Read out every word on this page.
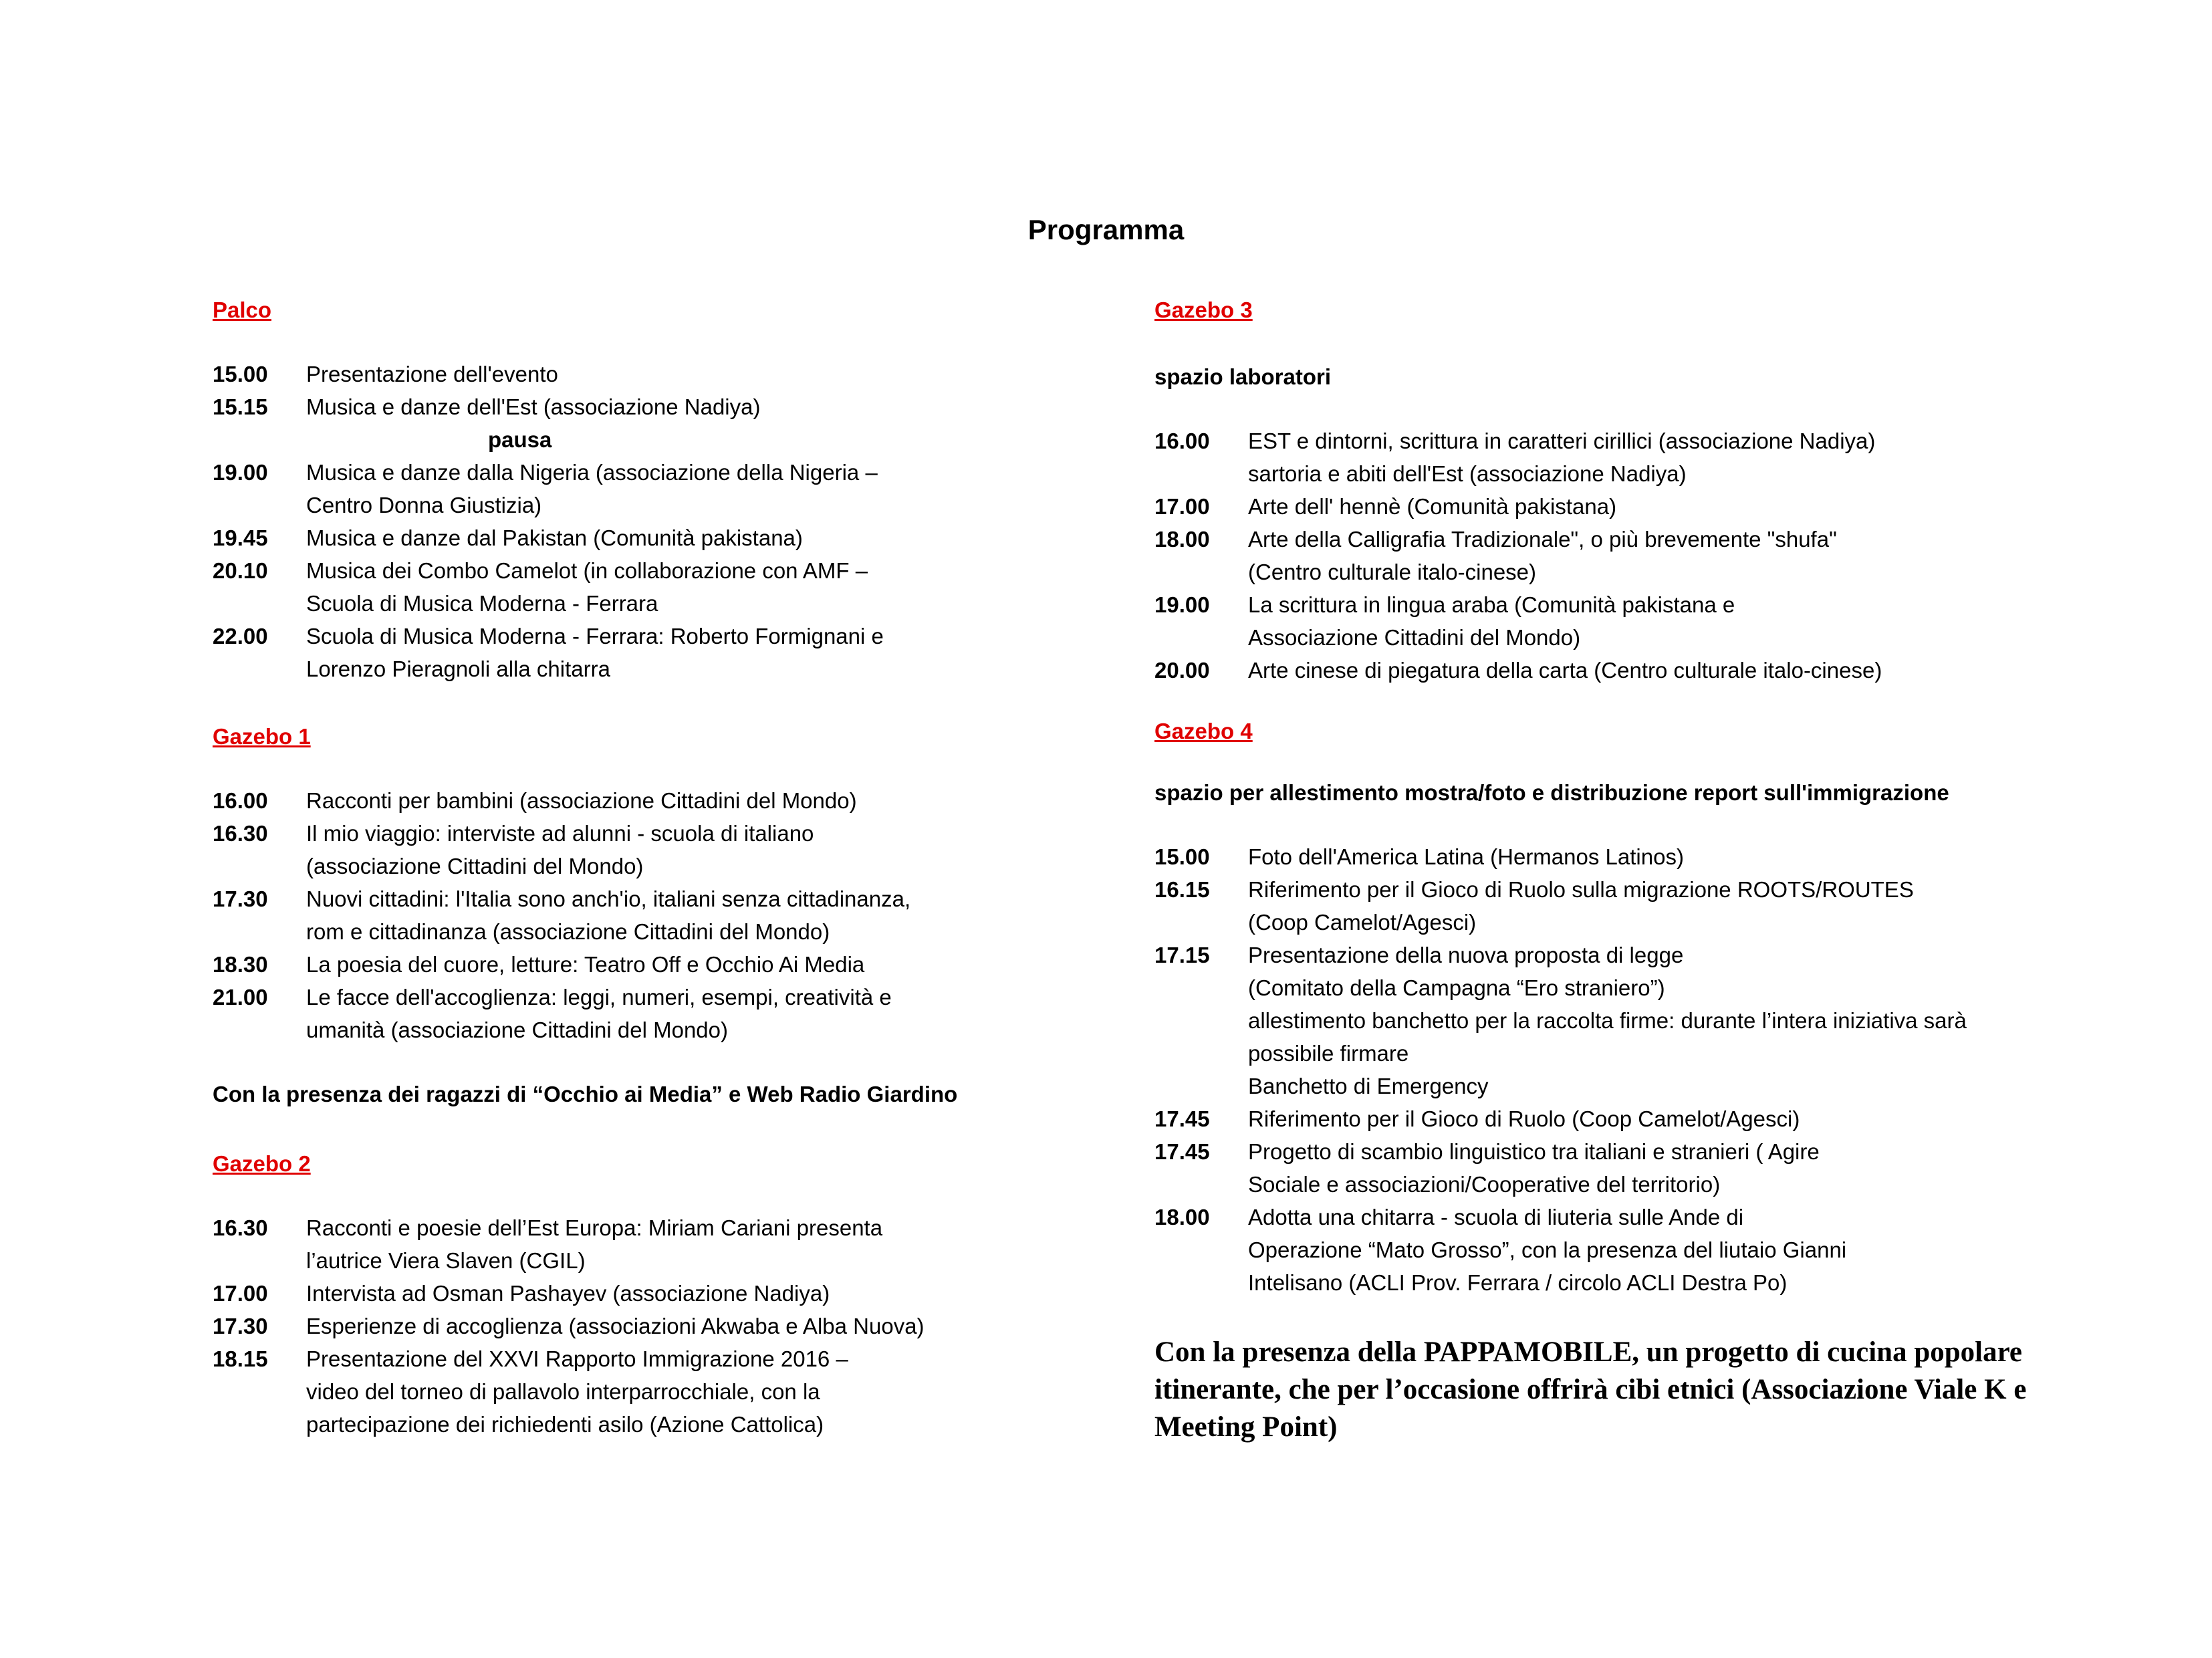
Programma
Palco
15.00	Presentazione dell'evento
15.15	Musica e danze dell'Est (associazione Nadiya)
pausa
19.00	Musica e danze dalla Nigeria (associazione della Nigeria –
Centro Donna Giustizia)
19.45	Musica e danze dal Pakistan (Comunità pakistana)
20.10	Musica dei Combo Camelot (in collaborazione con AMF –
Scuola di Musica Moderna - Ferrara
22.00	Scuola di Musica Moderna - Ferrara: Roberto Formignani e
Lorenzo Pieragnoli alla chitarra
Gazebo 1
16.00	Racconti per bambini (associazione Cittadini del Mondo)
16.30	Il mio viaggio: interviste ad alunni - scuola di italiano
(associazione Cittadini del Mondo)
17.30	Nuovi cittadini: l'Italia sono anch'io, italiani senza cittadinanza,
rom e cittadinanza (associazione Cittadini del Mondo)
18.30	La poesia del cuore, letture: Teatro Off e Occhio Ai Media
21.00	Le facce dell'accoglienza: leggi, numeri, esempi, creatività e
umanità (associazione Cittadini del Mondo)
Con la presenza dei ragazzi di “Occhio ai Media” e Web Radio Giardino
Gazebo 2
16.30	Racconti e poesie dell’Est Europa: Miriam Cariani presenta
l’autrice Viera Slaven (CGIL)
17.00	Intervista ad Osman Pashayev (associazione Nadiya)
17.30	Esperienze di accoglienza (associazioni Akwaba e Alba Nuova)
18.15	Presentazione del XXVI Rapporto Immigrazione 2016 –
video del torneo di pallavolo interparrocchiale, con la
partecipazione dei richiedenti asilo (Azione Cattolica)
Gazebo 3
spazio laboratori
16.00	EST e dintorni, scrittura in caratteri cirillici (associazione Nadiya)
sartoria e abiti dell'Est (associazione Nadiya)
17.00	Arte dell' hennè (Comunità pakistana)
18.00	Arte della Calligrafia Tradizionale", o più brevemente "shufa"
(Centro culturale italo-cinese)
19.00	La scrittura in lingua araba (Comunità pakistana e
Associazione Cittadini del Mondo)
20.00	Arte cinese di piegatura della carta (Centro culturale italo-cinese)
Gazebo 4
spazio per allestimento mostra/foto e distribuzione report sull'immigrazione
15.00	Foto dell'America Latina (Hermanos Latinos)
16.15	Riferimento per il Gioco di Ruolo sulla migrazione ROOTS/ROUTES
(Coop Camelot/Agesci)
17.15	Presentazione della nuova proposta di legge
(Comitato della Campagna “Ero straniero”)
allestimento banchetto per la raccolta firme: durante l’intera iniziativa sarà
possibile firmare
Banchetto di Emergency
17.45	Riferimento per il Gioco di Ruolo (Coop Camelot/Agesci)
17.45	Progetto di scambio linguistico tra italiani e stranieri ( Agire
Sociale e associazioni/Cooperative del territorio)
18.00	Adotta una chitarra - scuola di liuteria sulle Ande di
Operazione “Mato Grosso”, con la presenza del liutaio Gianni
Intelisano (ACLI Prov. Ferrara / circolo ACLI Destra Po)
Con la presenza della PAPPAMOBILE, un progetto di cucina popolare itinerante, che per l’occasione offrirà cibi etnici (Associazione Viale K e Meeting Point)
